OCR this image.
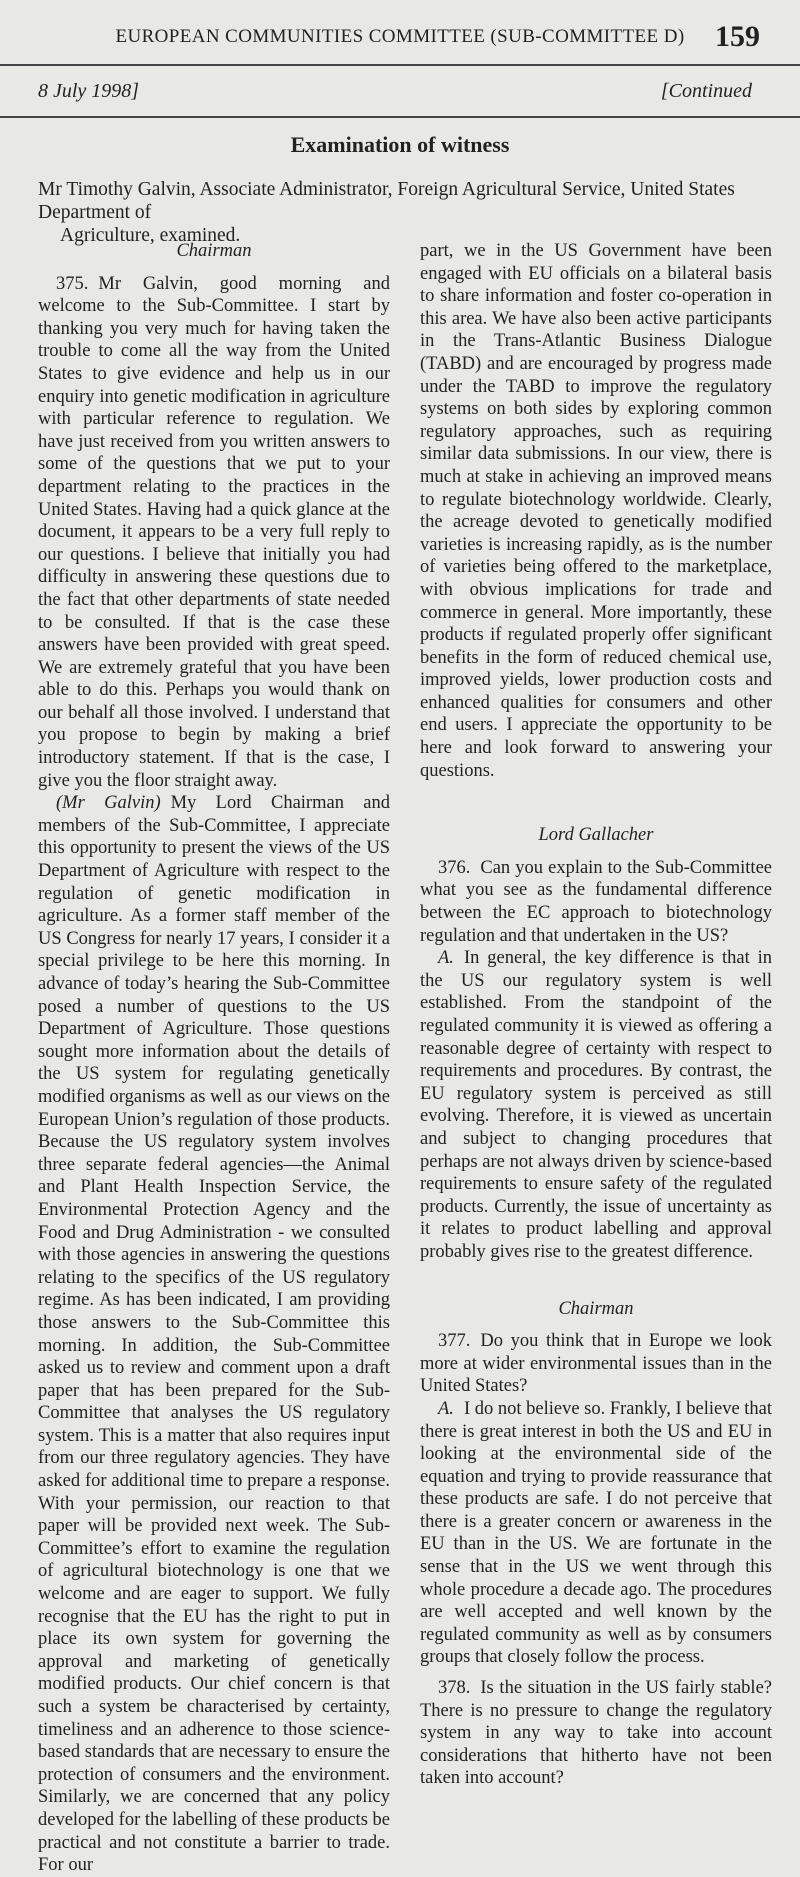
EUROPEAN COMMUNITIES COMMITTEE (SUB-COMMITTEE D)	159
8 July 1998]	[Continued
Examination of witness
Mr Timothy Galvin, Associate Administrator, Foreign Agricultural Service, United States Department of
Agriculture, examined.
Chairman

375. Mr Galvin, good morning and welcome to the Sub-Committee. I start by thanking you very much for having taken the trouble to come all the way from the United States to give evidence and help us in our enquiry into genetic modification in agriculture with particular reference to regulation. We have just received from you written answers to some of the questions that we put to your department relating to the practices in the United States. Having had a quick glance at the document, it appears to be a very full reply to our questions. I believe that initially you had difficulty in answering these questions due to the fact that other departments of state needed to be consulted. If that is the case these answers have been provided with great speed. We are extremely grateful that you have been able to do this. Perhaps you would thank on our behalf all those involved. I understand that you propose to begin by making a brief introductory statement. If that is the case, I give you the floor straight away.

(Mr Galvin) My Lord Chairman and members of the Sub-Committee, I appreciate this opportunity to present the views of the US Department of Agriculture with respect to the regulation of genetic modification in agriculture. As a former staff member of the US Congress for nearly 17 years, I consider it a special privilege to be here this morning. In advance of today’s hearing the Sub-Committee posed a number of questions to the US Department of Agriculture. Those questions sought more information about the details of the US system for regulating genetically modified organisms as well as our views on the European Union’s regulation of those products. Because the US regulatory system involves three separate federal agencies—the Animal and Plant Health Inspection Service, the Environmental Protection Agency and the Food and Drug Administration - we consulted with those agencies in answering the questions relating to the specifics of the US regulatory regime. As has been indicated, I am providing those answers to the Sub-Committee this morning. In addition, the Sub-Committee asked us to review and comment upon a draft paper that has been prepared for the Sub-Committee that analyses the US regulatory system. This is a matter that also requires input from our three regulatory agencies. They have asked for additional time to prepare a response. With your permission, our reaction to that paper will be provided next week. The Sub-Committee’s effort to examine the regulation of agricultural biotechnology is one that we welcome and are eager to support. We fully recognise that the EU has the right to put in place its own system for governing the approval and marketing of genetically modified products. Our chief concern is that such a system be characterised by certainty, timeliness and an adherence to those science-based standards that are necessary to ensure the protection of consumers and the environment. Similarly, we are concerned that any policy developed for the labelling of these products be practical and not constitute a barrier to trade. For our

part, we in the US Government have been engaged with EU officials on a bilateral basis to share information and foster co-operation in this area. We have also been active participants in the Trans-Atlantic Business Dialogue (TABD) and are encouraged by progress made under the TABD to improve the regulatory systems on both sides by exploring common regulatory approaches, such as requiring similar data submissions. In our view, there is much at stake in achieving an improved means to regulate biotechnology worldwide. Clearly, the acreage devoted to genetically modified varieties is increasing rapidly, as is the number of varieties being offered to the marketplace, with obvious implications for trade and commerce in general. More importantly, these products if regulated properly offer significant benefits in the form of reduced chemical use, improved yields, lower production costs and enhanced qualities for consumers and other end users. I appreciate the opportunity to be here and look forward to answering your questions.

Lord Gallacher

376. Can you explain to the Sub-Committee what you see as the fundamental difference between the EC approach to biotechnology regulation and that undertaken in the US?

A. In general, the key difference is that in the US our regulatory system is well established. From the standpoint of the regulated community it is viewed as offering a reasonable degree of certainty with respect to requirements and procedures. By contrast, the EU regulatory system is perceived as still evolving. Therefore, it is viewed as uncertain and subject to changing procedures that perhaps are not always driven by science-based requirements to ensure safety of the regulated products. Currently, the issue of uncertainty as it relates to product labelling and approval probably gives rise to the greatest difference.

Chairman

377. Do you think that in Europe we look more at wider environmental issues than in the United States?

A. I do not believe so. Frankly, I believe that there is great interest in both the US and EU in looking at the environmental side of the equation and trying to provide reassurance that these products are safe. I do not perceive that there is a greater concern or awareness in the EU than in the US. We are fortunate in the sense that in the US we went through this whole procedure a decade ago. The procedures are well accepted and well known by the regulated community as well as by consumers groups that closely follow the process.

378. Is the situation in the US fairly stable? There is no pressure to change the regulatory system in any way to take into account considerations that hitherto have not been taken into account?
